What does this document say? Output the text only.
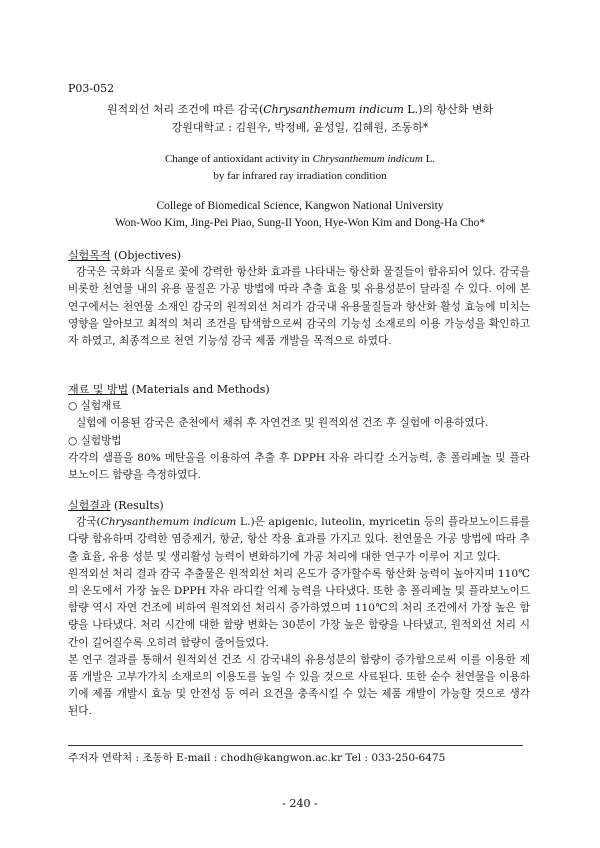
P03-052
원적외선 처리 조건에 따른 감국(Chrysanthemum indicum L.)의 항산화 변화
강원대학교 : 김원우, 박정배, 윤성일, 김혜원, 조동하*
Change of antioxidant activity in Chrysanthemum indicum L.
by far infrared ray irradiation condition
College of Biomedical Science, Kangwon National University
Won-Woo Kim, Jing-Pei Piao, Sung-Il Yoon, Hye-Won Kim and Dong-Ha Cho*
실험목적 (Objectives)

감국은 국화과 식물로 꽃에 강력한 항산화 효과를 나타내는 항산화 물질들이 함유되어 있다. 감국을 비롯한 천연물 내의 유용 물질은 가공 방법에 따라 추출 효율 및 유용성분이 달라질 수 있다. 이에 본 연구에서는 천연물 소재인 감국의 원적외선 처리가 감국내 유용물질들과 항산화 활성 효능에 미치는 영향을 알아보고 최적의 처리 조건을 탐색함으로써 감국의 기능성 소재로의 이용 가능성을 확인하고자 하였고, 최종적으로 천연 기능성 감국 제품 개발을 목적으로 하였다.

재료 및 방법 (Materials and Methods)
○ 실험재료

실험에 이용된 감국은 춘천에서 채취 후 자연건조 및 원적외선 건조 후 실험에 이용하였다.

○ 실험방법

각각의 샘플을 80% 메탄올을 이용하여 추출 후 DPPH 자유 라디칼 소거능력, 총 폴리페놀 및 플라보노이드 함량을 측정하였다.

실험결과 (Results)

감국(Chrysanthemum indicum L.)은 apigenic, luteolin, myricetin 등의 플라보노이드류를 다량 함유하며 강력한 염증제거, 항균, 항산 작용 효과를 가지고 있다. 천연물은 가공 방법에 따라 추출 효율, 유용 성분 및 생리활성 능력이 변화하기에 가공 처리에 대한 연구가 이루어 지고 있다.

원적외선 처리 결과 감국 추출물은 원적외선 처리 온도가 증가할수록 항산화 능력이 높아지며 110℃의 온도에서 가장 높은 DPPH 자유 라디칼 억제 능력을 나타냈다. 또한 총 폴리페놀 및 플라보노이드 함량 역시 자연 건조에 비하여 원적외선 처리시 증가하였으며 110℃의 처리 조건에서 가장 높은 함량을 나타냈다. 처리 시간에 대한 함량 변화는 30분이 가장 높은 함량을 나타냈고, 원적외선 처리 시간이 길어질수록 오히려 함량이 줄어들었다.

본 연구 결과를 통해서 원적외선 건조 시 감국내의 유용성분의 함량이 증가함으로써 이를 이용한 제품 개발은 고부가가치 소재로의 이용도를 높일 수 있을 것으로 사료된다. 또한 순수 천연물을 이용하기에 제품 개발시 효능 및 안전성 등 여러 요건을 충족시킬 수 있는 제품 개발이 가능할 것으로 생각된다.

주저자 연락처 : 조동하 E-mail : chodh@kangwon.ac.kr Tel : 033-250-6475
- 240 -
